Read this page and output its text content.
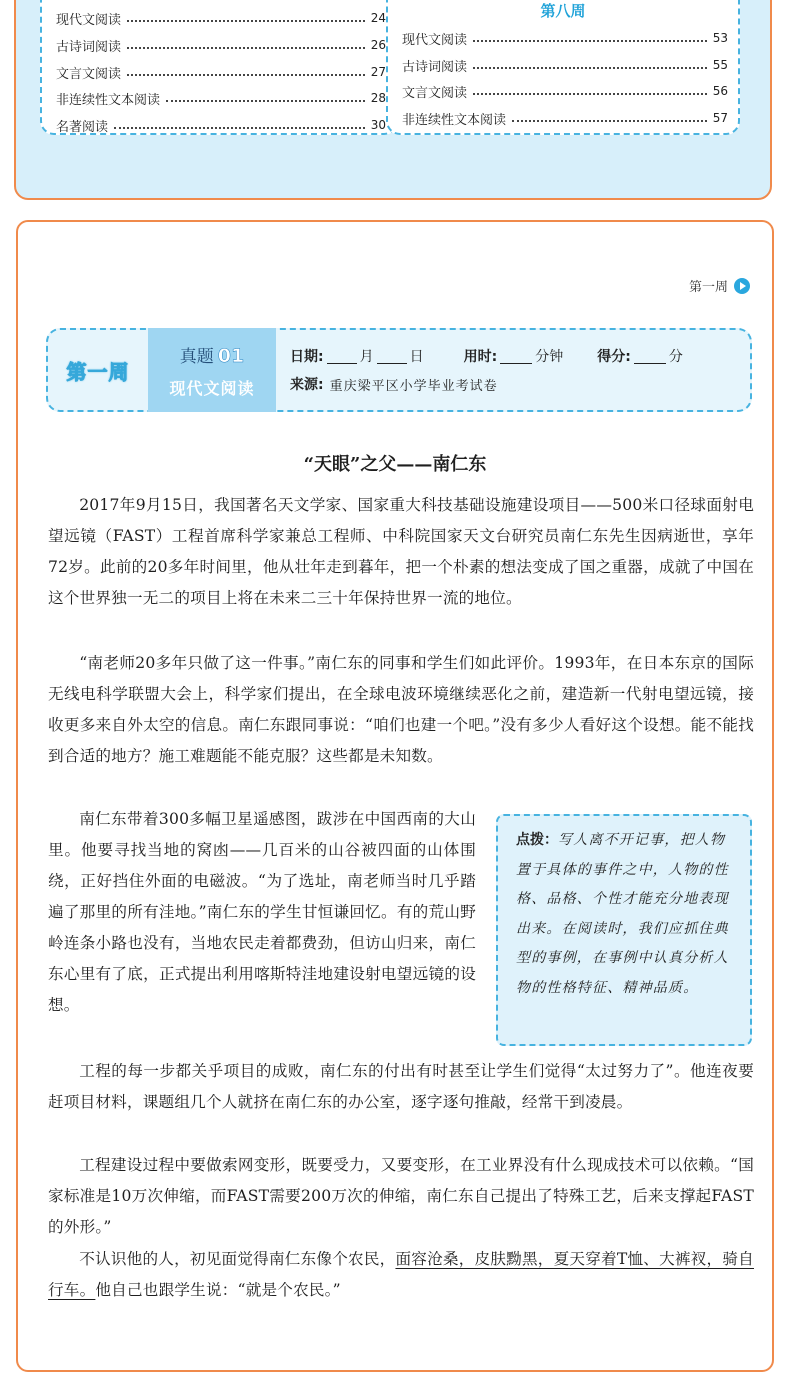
现代文阅读	24
古诗词阅读	26
文言文阅读	27
非连续性文本阅读	28
名著阅读	30
第八周
现代文阅读	53
古诗词阅读	55
文言文阅读	56
非连续性文本阅读	57
第一周
第一周
真题 01
现代文阅读
日期:	月	日	用时:	分钟 得分:	分
来源: 重庆梁平区小学毕业考试卷
“天眼”之父——南仁东

2017年9月15日，我国著名天文学家、国家重大科技基础设施建设项目——500米口径球面射电望远镜（FAST）工程首席科学家兼总工程师、中科院国家天文台研究员南仁东先生因病逝世，享年72岁。此前的20多年时间里，他从壮年走到暮年，把一个朴素的想法变成了国之重器，成就了中国在这个世界独一无二的项目上将在未来二三十年保持世界一流的地位。

“南老师20多年只做了这一件事。”南仁东的同事和学生们如此评价。1993年，在日本东京的国际无线电科学联盟大会上，科学家们提出，在全球电波环境继续恶化之前，建造新一代射电望远镜，接收更多来自外太空的信息。南仁东跟同事说：“咱们也建一个吧。”没有多少人看好这个设想。能不能找到合适的地方？施工难题能不能克服？这些都是未知数。

南仁东带着300多幅卫星遥感图，跋涉在中国西南的大山里。他要寻找当地的窝凼——几百米的山谷被四面的山体围绕，正好挡住外面的电磁波。“为了选址，南老师当时几乎踏遍了那里的所有洼地。”南仁东的学生甘恒谦回忆。有的荒山野岭连条小路也没有，当地农民走着都费劲，但访山归来，南仁东心里有了底，正式提出利用喀斯特洼地建设射电望远镜的设想。

点拨：写人离不开记事，把人物置于具体的事件之中，人物的性格、品格、个性才能充分地表现出来。在阅读时，我们应抓住典型的事例，在事例中认真分析人物的性格特征、精神品质。

工程的每一步都关乎项目的成败，南仁东的付出有时甚至让学生们觉得“太过努力了”。他连夜要赶项目材料，课题组几个人就挤在南仁东的办公室，逐字逐句推敲，经常干到凌晨。

工程建设过程中要做索网变形，既要受力，又要变形，在工业界没有什么现成技术可以依赖。“国家标准是10万次伸缩，而FAST需要200万次的伸缩，南仁东自己提出了特殊工艺，后来支撑起FAST的外形。”

不认识他的人，初见面觉得南仁东像个农民，面容沧桑，皮肤黝黑，夏天穿着T恤、大裤衩，骑自行车。他自己也跟学生说：“就是个农民。”
